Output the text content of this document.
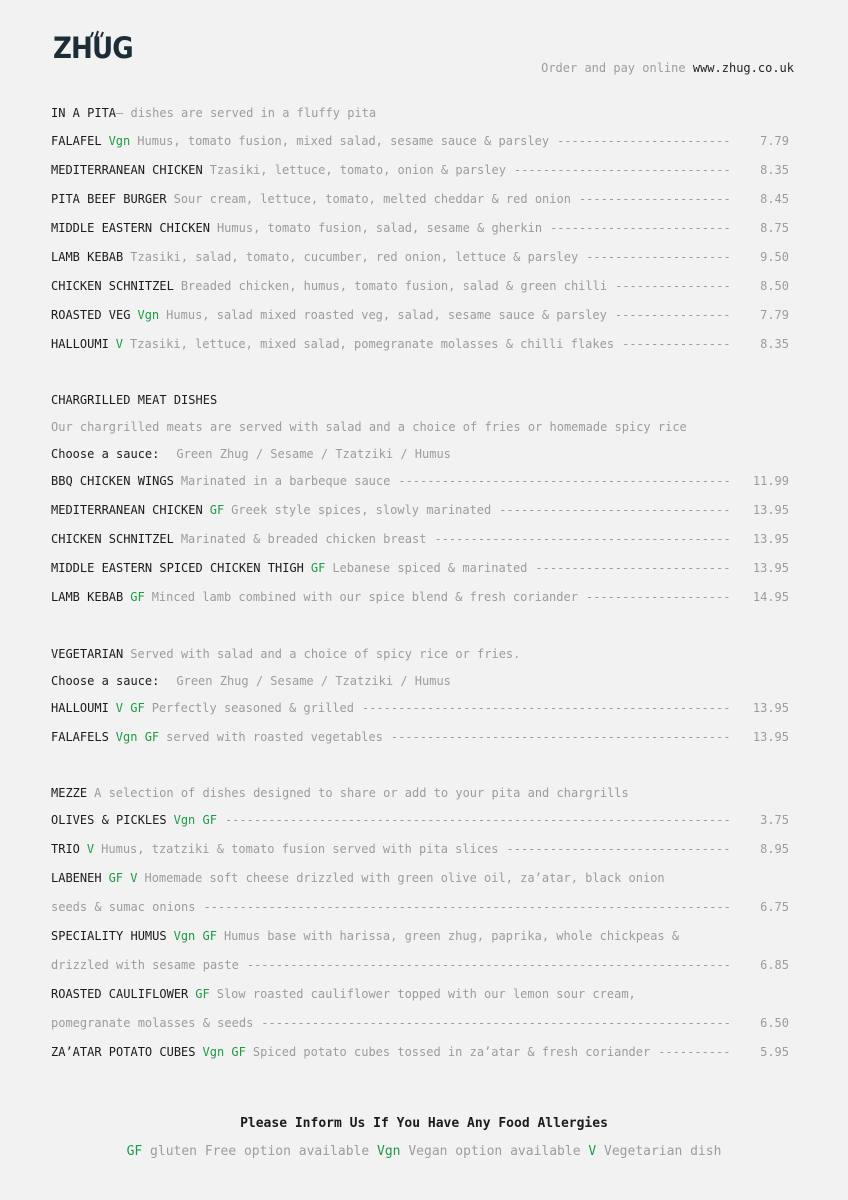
ZHUG
Order and pay online www.zhug.co.uk
IN A PITA – dishes are served in a fluffy pita
FALAFEL Vgn Humus, tomato fusion, mixed salad, sesame sauce & parsley -----	7.79
MEDITERRANEAN CHICKEN Tzasiki, lettuce, tomato, onion & parsley -----	8.35
PITA BEEF BURGER Sour cream, lettuce, tomato, melted cheddar & red onion -----	8.45
MIDDLE EASTERN CHICKEN Humus, tomato fusion, salad, sesame & gherkin -----	8.75
LAMB KEBAB Tzasiki, salad, tomato, cucumber, red onion, lettuce & parsley -----	9.50
CHICKEN SCHNITZEL Breaded chicken, humus, tomato fusion, salad & green chilli -----	8.50
ROASTED VEG Vgn Humus, salad mixed roasted veg, salad, sesame sauce & parsley -----	7.79
HALLOUMI V Tzasiki, lettuce, mixed salad, pomegranate molasses & chilli flakes -----	8.35
CHARGRILLED MEAT DISHES
Our chargrilled meats are served with salad and a choice of fries or homemade spicy rice
Choose a sauce: Green Zhug / Sesame / Tzatziki / Humus
BBQ CHICKEN WINGS Marinated in a barbeque sauce -----	11.99
MEDITERRANEAN CHICKEN GF Greek style spices, slowly marinated -----	13.95
CHICKEN SCHNITZEL Marinated & breaded chicken breast -----	13.95
MIDDLE EASTERN SPICED CHICKEN THIGH GF Lebanese spiced & marinated -----	13.95
LAMB KEBAB GF Minced lamb combined with our spice blend & fresh coriander -----	14.95
VEGETARIAN Served with salad and a choice of spicy rice or fries.
Choose a sauce: Green Zhug / Sesame / Tzatziki / Humus
HALLOUMI V GF Perfectly seasoned & grilled -----	13.95
FALAFELS Vgn GF served with roasted vegetables -----	13.95
MEZZE A selection of dishes designed to share or add to your pita and chargrills
OLIVES & PICKLES Vgn GF -----	3.75
TRIO V Humus, tzatziki & tomato fusion served with pita slices -----	8.95
LABENEH GF V Homemade soft cheese drizzled with green olive oil, za’atar, black onion
seeds & sumac onions -----	6.75
SPECIALITY HUMUS Vgn GF Humus base with harissa, green zhug, paprika, whole chickpeas &
drizzled with sesame paste -----	6.85
ROASTED CAULIFLOWER GF Slow roasted cauliflower topped with our lemon sour cream,
pomegranate molasses & seeds -----	6.50
ZA’ATAR POTATO CUBES Vgn GF Spiced potato cubes tossed in za’atar & fresh coriander -----	5.95
Please Inform Us If You Have Any Food Allergies
GF gluten Free option available Vgn Vegan option available V Vegetarian dish
